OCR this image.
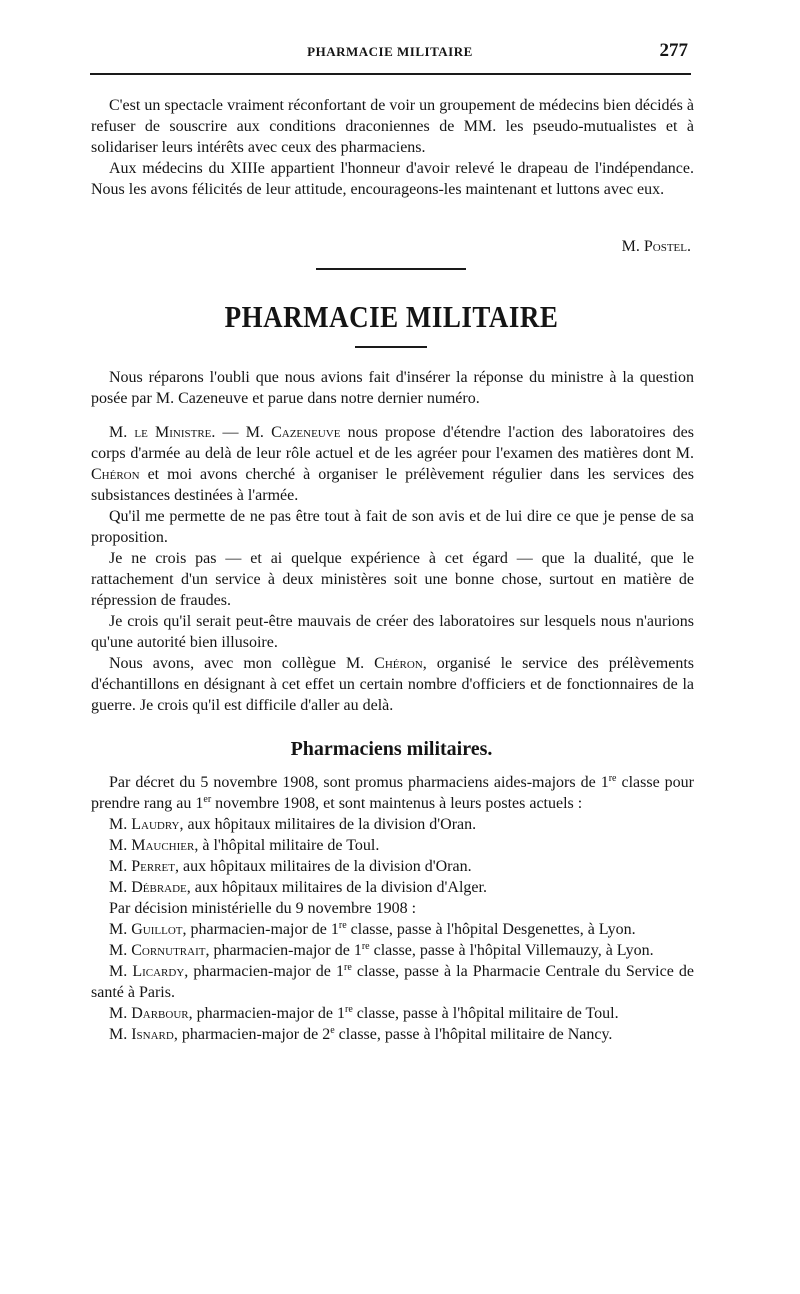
PHARMACIE MILITAIRE	277

C'est un spectacle vraiment réconfortant de voir un groupement de médecins bien décidés à refuser de souscrire aux conditions draconiennes de MM. les pseudo-mutualistes et à solidariser leurs intérêts avec ceux des pharmaciens.

Aux médecins du XIIIe appartient l'honneur d'avoir relevé le drapeau de l'indépendance. Nous les avons félicités de leur attitude, encourageons-les maintenant et luttons avec eux.

M. Postel.
PHARMACIE MILITAIRE

Nous réparons l'oubli que nous avions fait d'insérer la réponse du ministre à la question posée par M. Cazeneuve et parue dans notre dernier numéro.

M. le Ministre. — M. Cazeneuve nous propose d'étendre l'action des laboratoires des corps d'armée au delà de leur rôle actuel et de les agréer pour l'examen des matières dont M. Chéron et moi avons cherché à organiser le prélèvement régulier dans les services des subsistances destinées à l'armée.

Qu'il me permette de ne pas être tout à fait de son avis et de lui dire ce que je pense de sa proposition.

Je ne crois pas — et ai quelque expérience à cet égard — que la dualité, que le rattachement d'un service à deux ministères soit une bonne chose, surtout en matière de répression de fraudes.

Je crois qu'il serait peut-être mauvais de créer des laboratoires sur lesquels nous n'aurions qu'une autorité bien illusoire.

Nous avons, avec mon collègue M. Chéron, organisé le service des prélèvements d'échantillons en désignant à cet effet un certain nombre d'officiers et de fonctionnaires de la guerre. Je crois qu'il est difficile d'aller au delà.

Pharmaciens militaires.

Par décret du 5 novembre 1908, sont promus pharmaciens aides-majors de 1re classe pour prendre rang au 1er novembre 1908, et sont maintenus à leurs postes actuels :

M. Laudry, aux hôpitaux militaires de la division d'Oran.

M. Mauchier, à l'hôpital militaire de Toul.

M. Perret, aux hôpitaux militaires de la division d'Oran.

M. Débrade, aux hôpitaux militaires de la division d'Alger.

Par décision ministérielle du 9 novembre 1908 :

M. Guillot, pharmacien-major de 1re classe, passe à l'hôpital Desgenettes, à Lyon.

M. Cornutrait, pharmacien-major de 1re classe, passe à l'hôpital Villemauzy, à Lyon.

M. Licardy, pharmacien-major de 1re classe, passe à la Pharmacie Centrale du Service de santé à Paris.

M. Darbour, pharmacien-major de 1re classe, passe à l'hôpital militaire de Toul.

M. Isnard, pharmacien-major de 2e classe, passe à l'hôpital militaire de Nancy.
